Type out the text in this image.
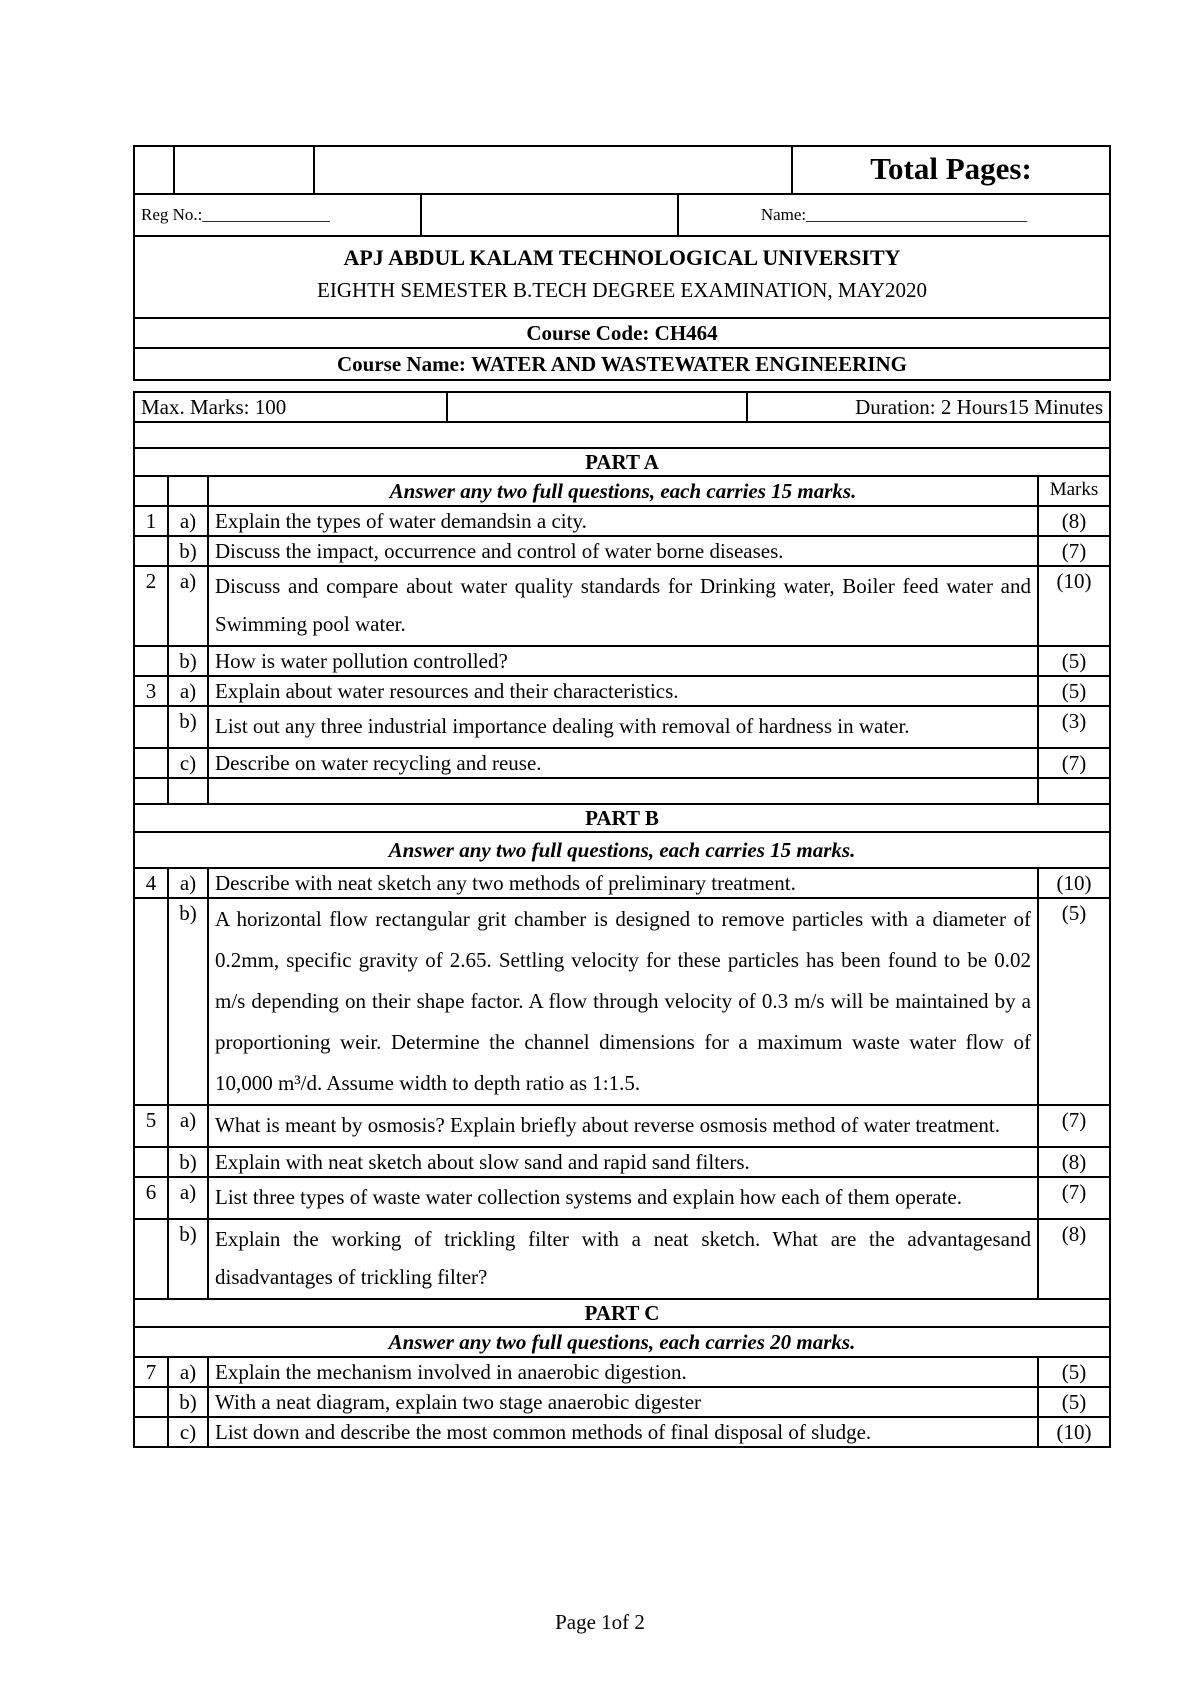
			Total Pages:
Reg No.:_______________		Name:__________________________
APJ ABDUL KALAM TECHNOLOGICAL UNIVERSITY
EIGHTH SEMESTER B.TECH DEGREE EXAMINATION, MAY2020
Course Code: CH464
Course Name: WATER AND WASTEWATER ENGINEERING
Max. Marks: 100		Duration: 2 Hours15 Minutes

PART A			
		Answer any two full questions, each carries 15 marks.	Marks
1	a)	Explain the types of water demandsin a city.	(8)
	b)	Discuss the impact, occurrence and control of water borne diseases.	(7)
2	a)	Discuss and compare about water quality standards for Drinking water, Boiler feed water and Swimming pool water.	(10)
	b)	How is water pollution controlled?	(5)
3	a)	Explain about water resources and their characteristics.	(5)
	b)	List out any three industrial importance dealing with removal of hardness in water.	(3)
	c)	Describe on water recycling and reuse.	(7)

PART B			
Answer any two full questions, each carries 15 marks.			
4	a)	Describe with neat sketch any two methods of preliminary treatment.	(10)
	b)	A horizontal flow rectangular grit chamber is designed to remove particles with a diameter of 0.2mm, specific gravity of 2.65. Settling velocity for these particles has been found to be 0.02 m/s depending on their shape factor. A flow through velocity of 0.3 m/s will be maintained by a proportioning weir. Determine the channel dimensions for a maximum waste water flow of 10,000 m³/d. Assume width to depth ratio as 1:1.5.	(5)
5	a)	What is meant by osmosis? Explain briefly about reverse osmosis method of water treatment.	(7)
	b)	Explain with neat sketch about slow sand and rapid sand filters.	(8)
6	a)	List three types of waste water collection systems and explain how each of them operate.	(7)
	b)	Explain the working of trickling filter with a neat sketch. What are the advantagesand disadvantages of trickling filter?	(8)
PART C			
Answer any two full questions, each carries 20 marks.			
7	a)	Explain the mechanism involved in anaerobic digestion.	(5)
	b)	With a neat diagram, explain two stage anaerobic digester	(5)
	c)	List down and describe the most common methods of final disposal of sludge.	(10)
Page 1of 2
